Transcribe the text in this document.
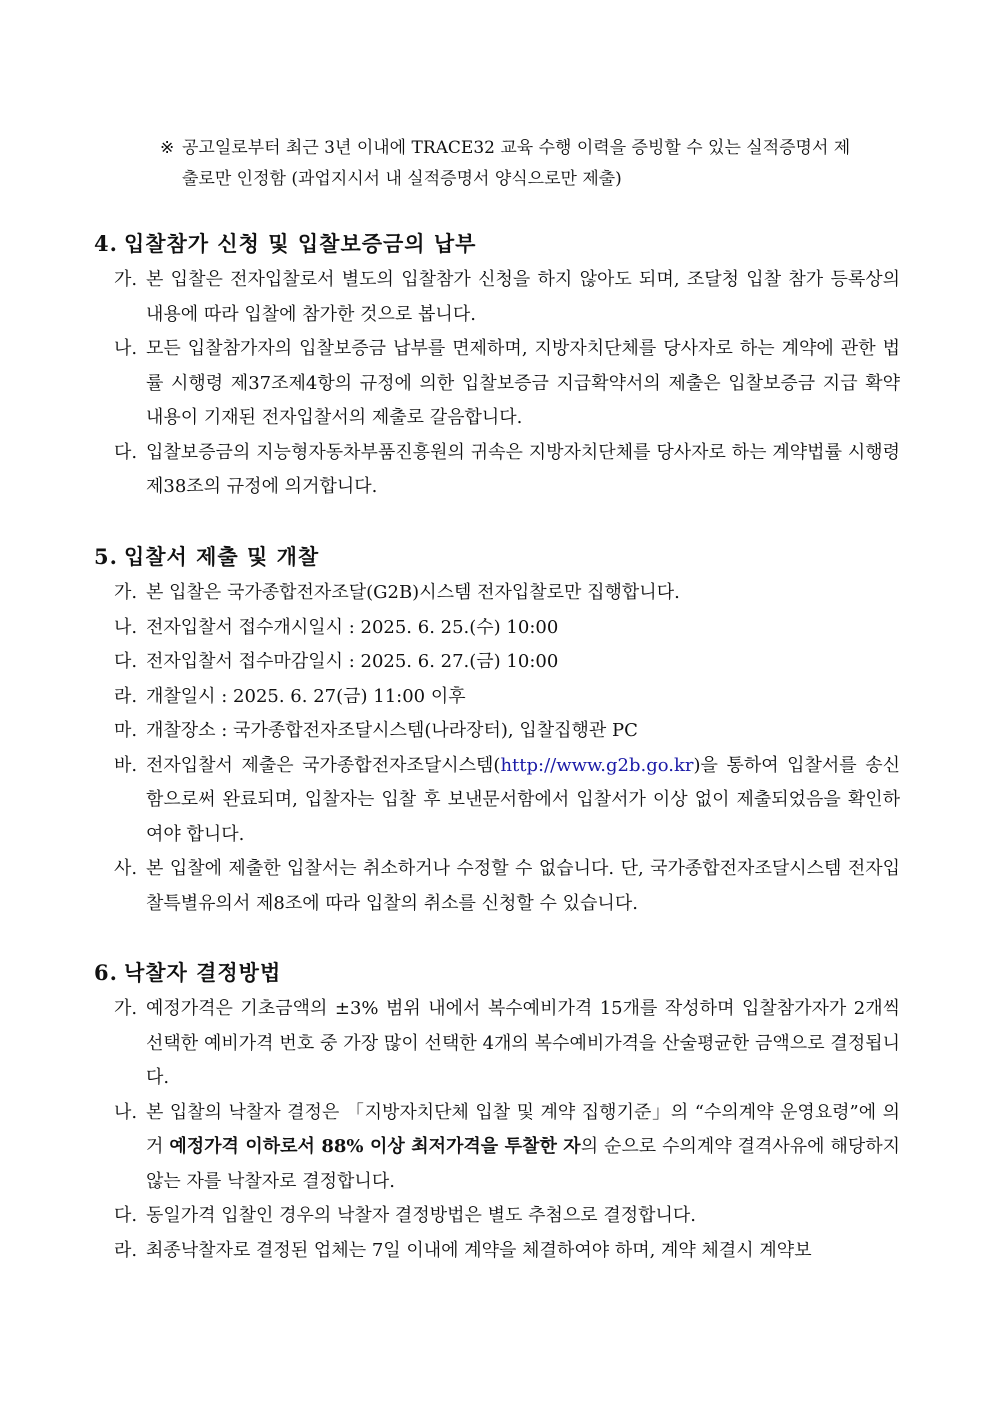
※ 공고일로부터 최근 3년 이내에 TRACE32 교육 수행 이력을 증빙할 수 있는 실적증명서 제
출로만 인정함 (과업지시서 내 실적증명서 양식으로만 제출)
4. 입찰참가 신청 및 입찰보증금의 납부
가. 본 입찰은 전자입찰로서 별도의 입찰참가 신청을 하지 않아도 되며, 조달청 입찰 참가 등록상의 내용에 따라 입찰에 참가한 것으로 봅니다.
나. 모든 입찰참가자의 입찰보증금 납부를 면제하며, 지방자치단체를 당사자로 하는 계약에 관한 법률 시행령 제37조제4항의 규정에 의한 입찰보증금 지급확약서의 제출은 입찰보증금 지급 확약 내용이 기재된 전자입찰서의 제출로 갈음합니다.
다. 입찰보증금의 지능형자동차부품진흥원의 귀속은 지방자치단체를 당사자로 하는 계약법률 시행령 제38조의 규정에 의거합니다.
5. 입찰서 제출 및 개찰
가. 본 입찰은 국가종합전자조달(G2B)시스템 전자입찰로만 집행합니다.
나. 전자입찰서 접수개시일시 : 2025. 6. 25.(수) 10:00
다. 전자입찰서 접수마감일시 : 2025. 6. 27.(금) 10:00
라. 개찰일시 : 2025. 6. 27(금) 11:00 이후
마. 개찰장소 : 국가종합전자조달시스템(나라장터), 입찰집행관 PC
바. 전자입찰서 제출은 국가종합전자조달시스템(http://www.g2b.go.kr)을 통하여 입찰서를 송신함으로써 완료되며, 입찰자는 입찰 후 보낸문서함에서 입찰서가 이상 없이 제출되었음을 확인하여야 합니다.
사. 본 입찰에 제출한 입찰서는 취소하거나 수정할 수 없습니다. 단, 국가종합전자조달시스템 전자입찰특별유의서 제8조에 따라 입찰의 취소를 신청할 수 있습니다.
6. 낙찰자 결정방법
가. 예정가격은 기초금액의 ±3% 범위 내에서 복수예비가격 15개를 작성하며 입찰참가자가 2개씩 선택한 예비가격 번호 중 가장 많이 선택한 4개의 복수예비가격을 산술평균한 금액으로 결정됩니다.
나. 본 입찰의 낙찰자 결정은 「지방자치단체 입찰 및 계약 집행기준」의 “수의계약 운영요령”에 의거 예정가격 이하로서 88% 이상 최저가격을 투찰한 자의 순으로 수의계약 결격사유에 해당하지 않는 자를 낙찰자로 결정합니다.
다. 동일가격 입찰인 경우의 낙찰자 결정방법은 별도 추첨으로 결정합니다.
라. 최종낙찰자로 결정된 업체는 7일 이내에 계약을 체결하여야 하며, 계약 체결시 계약보
